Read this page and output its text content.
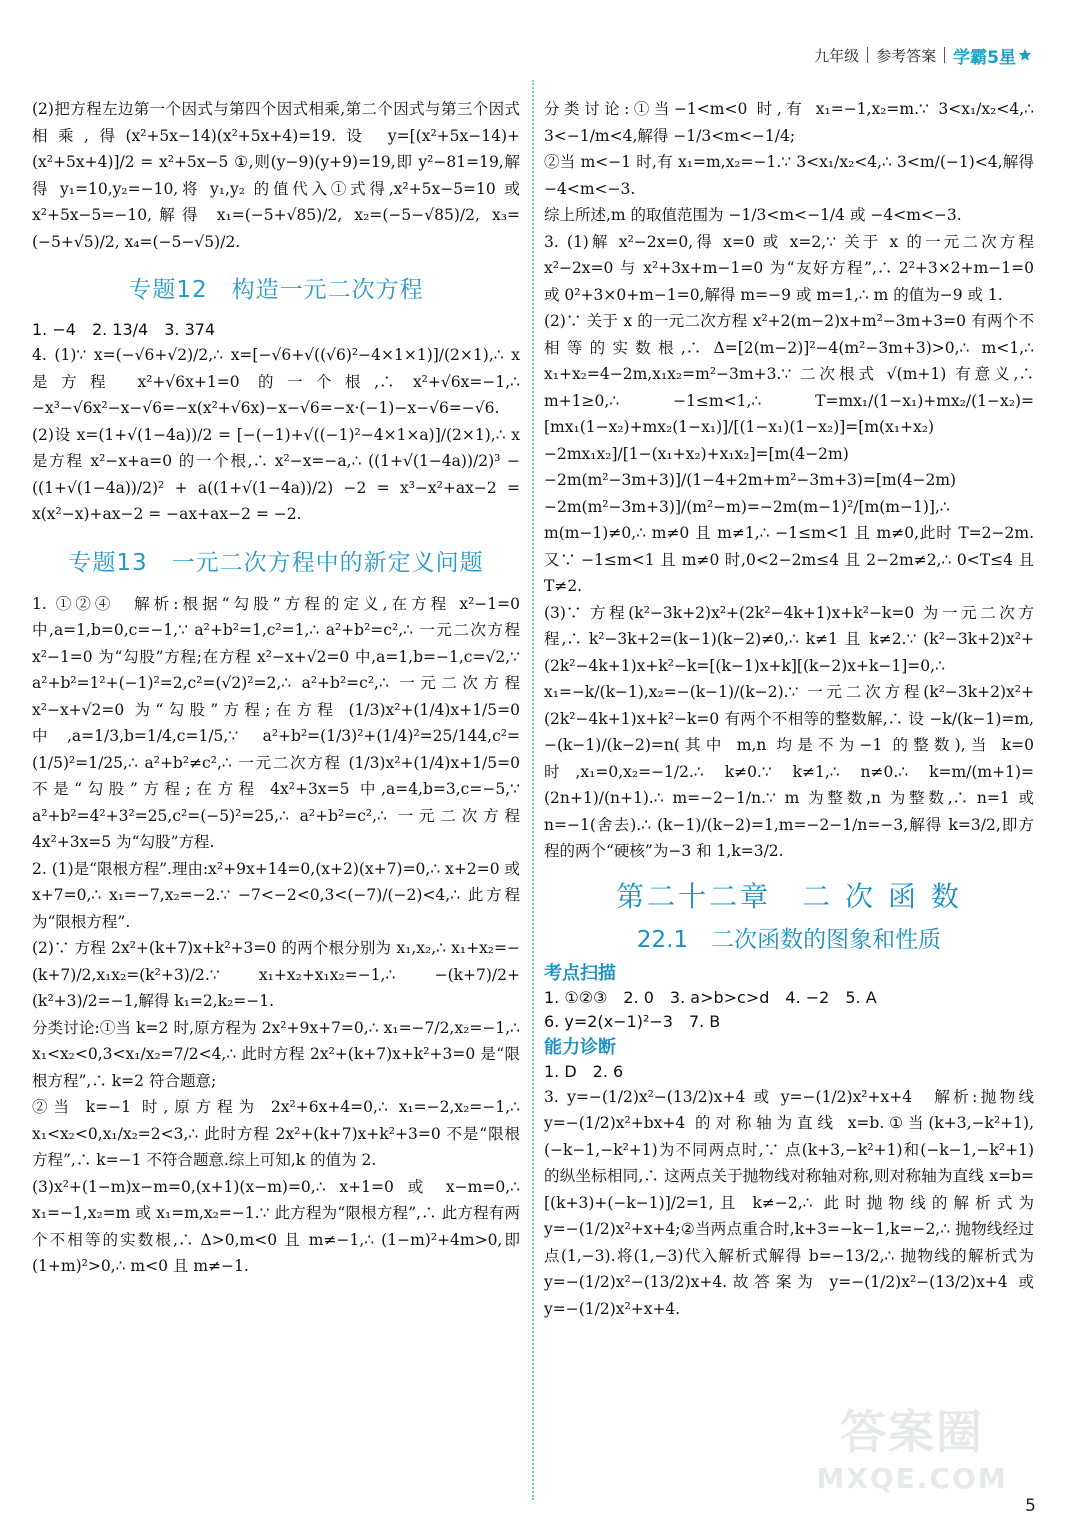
九年级 参考答案 学霸5星

(2)把方程左边第一个因式与第四个因式相乘,第二个因式与第三个因式相乘,得(x²+5x−14)(x²+5x+4)=19.设 y=[(x²+5x−14)+(x²+5x+4)]/2 = x²+5x−5 ①,则(y−9)(y+9)=19,即 y²−81=19,解得 y₁=10,y₂=−10,将 y₁,y₂ 的值代入①式得,x²+5x−5=10 或 x²+5x−5=−10,解得 x₁=(−5+√85)/2, x₂=(−5−√85)/2, x₃=(−5+√5)/2, x₄=(−5−√5)/2.

专题12　构造一元二次方程

1. −4　2. 13/4　3. 374

4. (1)∵ x=(−√6+√2)/2,∴ x=[−√6+√((√6)²−4×1×1)]/(2×1),∴ x 是方程 x²+√6x+1=0 的一个根,∴ x²+√6x=−1,∴ −x³−√6x²−x−√6=−x(x²+√6x)−x−√6=−x·(−1)−x−√6=−√6.

(2)设 x=(1+√(1−4a))/2 = [−(−1)+√((−1)²−4×1×a)]/(2×1),∴ x 是方程 x²−x+a=0 的一个根,∴ x²−x=−a,∴ ((1+√(1−4a))/2)³ − ((1+√(1−4a))/2)² + a((1+√(1−4a))/2) −2 = x³−x²+ax−2 = x(x²−x)+ax−2 = −ax+ax−2 = −2.

专题13　一元二次方程中的新定义问题

1. ①②④　解析:根据“勾股”方程的定义,在方程 x²−1=0 中,a=1,b=0,c=−1,∵ a²+b²=1,c²=1,∴ a²+b²=c²,∴ 一元二次方程 x²−1=0 为“勾股”方程;在方程 x²−x+√2=0 中,a=1,b=−1,c=√2,∵ a²+b²=1²+(−1)²=2,c²=(√2)²=2,∴ a²+b²=c²,∴ 一元二次方程 x²−x+√2=0 为“勾股”方程;在方程 (1/3)x²+(1/4)x+1/5=0 中,a=1/3,b=1/4,c=1/5,∵ a²+b²=(1/3)²+(1/4)²=25/144,c²=(1/5)²=1/25,∴ a²+b²≠c²,∴ 一元二次方程 (1/3)x²+(1/4)x+1/5=0 不是“勾股”方程;在方程 4x²+3x=5 中,a=4,b=3,c=−5,∵ a²+b²=4²+3²=25,c²=(−5)²=25,∴ a²+b²=c²,∴ 一元二次方程 4x²+3x=5 为“勾股”方程.

2. (1)是“限根方程”.理由:x²+9x+14=0,(x+2)(x+7)=0,∴ x+2=0 或 x+7=0,∴ x₁=−7,x₂=−2.∵ −7<−2<0,3<(−7)/(−2)<4,∴ 此方程为“限根方程”.

(2)∵ 方程 2x²+(k+7)x+k²+3=0 的两个根分别为 x₁,x₂,∴ x₁+x₂=−(k+7)/2,x₁x₂=(k²+3)/2.∵ x₁+x₂+x₁x₂=−1,∴ −(k+7)/2+(k²+3)/2=−1,解得 k₁=2,k₂=−1.

分类讨论:①当 k=2 时,原方程为 2x²+9x+7=0,∴ x₁=−7/2,x₂=−1,∴ x₁<x₂<0,3<x₁/x₂=7/2<4,∴ 此时方程 2x²+(k+7)x+k²+3=0 是“限根方程”,∴ k=2 符合题意;

②当 k=−1 时,原方程为 2x²+6x+4=0,∴ x₁=−2,x₂=−1,∴ x₁<x₂<0,x₁/x₂=2<3,∴ 此时方程 2x²+(k+7)x+k²+3=0 不是“限根方程”,∴ k=−1 不符合题意.综上可知,k 的值为 2.

(3)x²+(1−m)x−m=0,(x+1)(x−m)=0,∴ x+1=0 或 x−m=0,∴ x₁=−1,x₂=m 或 x₁=m,x₂=−1.∵ 此方程为“限根方程”,∴ 此方程有两个不相等的实数根,∴ Δ>0,m<0 且 m≠−1,∴ (1−m)²+4m>0,即(1+m)²>0,∴ m<0 且 m≠−1.

分类讨论:①当−1<m<0 时,有 x₁=−1,x₂=m.∵ 3<x₁/x₂<4,∴ 3<−1/m<4,解得 −1/3<m<−1/4;

②当 m<−1 时,有 x₁=m,x₂=−1.∵ 3<x₁/x₂<4,∴ 3<m/(−1)<4,解得 −4<m<−3.

综上所述,m 的取值范围为 −1/3<m<−1/4 或 −4<m<−3.

3. (1)解 x²−2x=0,得 x=0 或 x=2,∵ 关于 x 的一元二次方程 x²−2x=0 与 x²+3x+m−1=0 为“友好方程”,∴ 2²+3×2+m−1=0 或 0²+3×0+m−1=0,解得 m=−9 或 m=1,∴ m 的值为−9 或 1.

(2)∵ 关于 x 的一元二次方程 x²+2(m−2)x+m²−3m+3=0 有两个不相等的实数根,∴ Δ=[2(m−2)]²−4(m²−3m+3)>0,∴ m<1,∴ x₁+x₂=4−2m,x₁x₂=m²−3m+3.∵ 二次根式 √(m+1) 有意义,∴ m+1≥0,∴ −1≤m<1,∴ T=mx₁/(1−x₁)+mx₂/(1−x₂)=[mx₁(1−x₂)+mx₂(1−x₁)]/[(1−x₁)(1−x₂)]=[m(x₁+x₂)−2mx₁x₂]/[1−(x₁+x₂)+x₁x₂]=[m(4−2m)−2m(m²−3m+3)]/(1−4+2m+m²−3m+3)=[m(4−2m)−2m(m²−3m+3)]/(m²−m)=−2m(m−1)²/[m(m−1)],∴ m(m−1)≠0,∴ m≠0 且 m≠1,∴ −1≤m<1 且 m≠0,此时 T=2−2m.又∵ −1≤m<1 且 m≠0 时,0<2−2m≤4 且 2−2m≠2,∴ 0<T≤4 且 T≠2.

(3)∵ 方程(k²−3k+2)x²+(2k²−4k+1)x+k²−k=0 为一元二次方程,∴ k²−3k+2=(k−1)(k−2)≠0,∴ k≠1 且 k≠2.∵ (k²−3k+2)x²+(2k²−4k+1)x+k²−k=[(k−1)x+k][(k−2)x+k−1]=0,∴ x₁=−k/(k−1),x₂=−(k−1)/(k−2).∵ 一元二次方程(k²−3k+2)x²+(2k²−4k+1)x+k²−k=0 有两个不相等的整数解,∴ 设 −k/(k−1)=m,−(k−1)/(k−2)=n(其中 m,n 均是不为−1 的整数),当 k=0 时,x₁=0,x₂=−1/2.∴ k≠0.∵ k≠1,∴ n≠0.∴ k=m/(m+1)=(2n+1)/(n+1).∴ m=−2−1/n.∵ m 为整数,n 为整数,∴ n=1 或 n=−1(舍去).∴ (k−1)/(k−2)=1,m=−2−1/n=−3,解得 k=3/2,即方程的两个“硬核”为−3 和 1,k=3/2.

第二十二章　二 次 函 数
22.1　二次函数的图象和性质
考点扫描

1. ①②③　2. 0　3. a>b>c>d　4. −2　5. A

6. y=2(x−1)²−3　7. B

能力诊断

1. D　2. 6

3. y=−(1/2)x²−(13/2)x+4 或 y=−(1/2)x²+x+4　解析:抛物线 y=−(1/2)x²+bx+4 的对称轴为直线 x=b.①当(k+3,−k²+1),(−k−1,−k²+1)为不同两点时,∵ 点(k+3,−k²+1)和(−k−1,−k²+1)的纵坐标相同,∴ 这两点关于抛物线对称轴对称,则对称轴为直线 x=b=[(k+3)+(−k−1)]/2=1,且 k≠−2,∴ 此时抛物线的解析式为 y=−(1/2)x²+x+4;②当两点重合时,k+3=−k−1,k=−2,∴ 抛物线经过点(1,−3).将(1,−3)代入解析式解得 b=−13/2,∴ 抛物线的解析式为 y=−(1/2)x²−(13/2)x+4.故答案为 y=−(1/2)x²−(13/2)x+4 或 y=−(1/2)x²+x+4.

答案圈
MXQE.COM
5
